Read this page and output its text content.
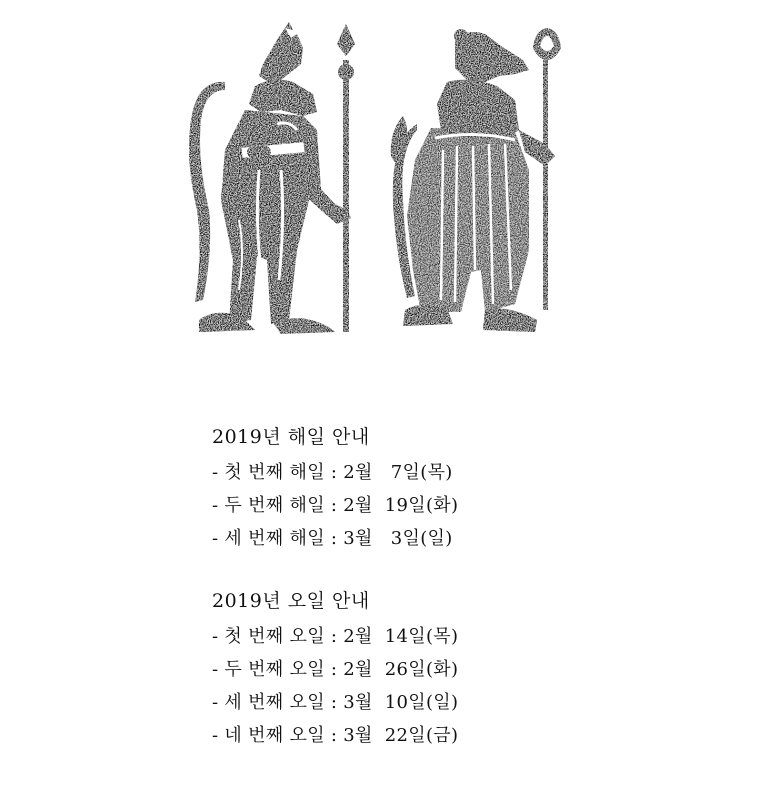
2019년 해일 안내
- 첫 번째 해일 : 2월   7일(목)
- 두 번째 해일 : 2월  19일(화)
- 세 번째 해일 : 3월   3일(일)
2019년 오일 안내
- 첫 번째 오일 : 2월  14일(목)
- 두 번째 오일 : 2월  26일(화)
- 세 번째 오일 : 3월  10일(일)
- 네 번째 오일 : 3월  22일(금)
